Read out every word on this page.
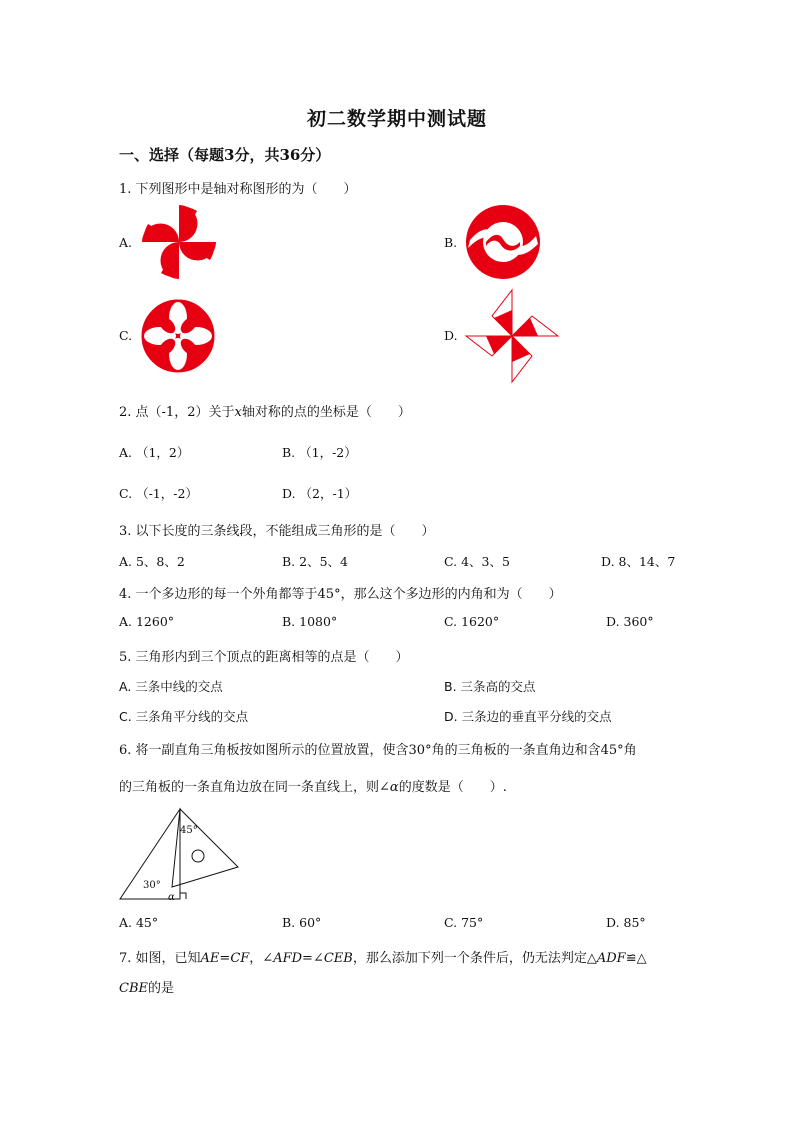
初二数学期中测试题
一、选择（每题3分，共36分）
1. 下列图形中是轴对称图形的为（　　）
A.	B.
C.	D.
2. 点（-1，2）关于x轴对称的点的坐标是（　　）
A. （1，2）	B. （1，-2）
C. （-1，-2）	D. （2，-1）
3. 以下长度的三条线段，不能组成三角形的是（　　）
A. 5、8、2	B. 2、5、4	C. 4、3、5	D. 8、14、7
4. 一个多边形的每一个外角都等于45°，那么这个多边形的内角和为（　　）
A. 1260°	B. 1080°	C. 1620°	D. 360°
5. 三角形内到三个顶点的距离相等的点是（　　）
A. 三条中线的交点	B. 三条高的交点
C. 三条角平分线的交点	D. 三条边的垂直平分线的交点
6. 将一副直角三角板按如图所示的位置放置，使含30°角的三角板的一条直角边和含45°角
的三角板的一条直角边放在同一条直线上，则∠α的度数是（　　）.
45°
30°
α
A. 45°	B. 60°	C. 75°	D. 85°
7. 如图，已知AE=CF，∠AFD=∠CEB，那么添加下列一个条件后，仍无法判定△ADF≌△
CBE的是
